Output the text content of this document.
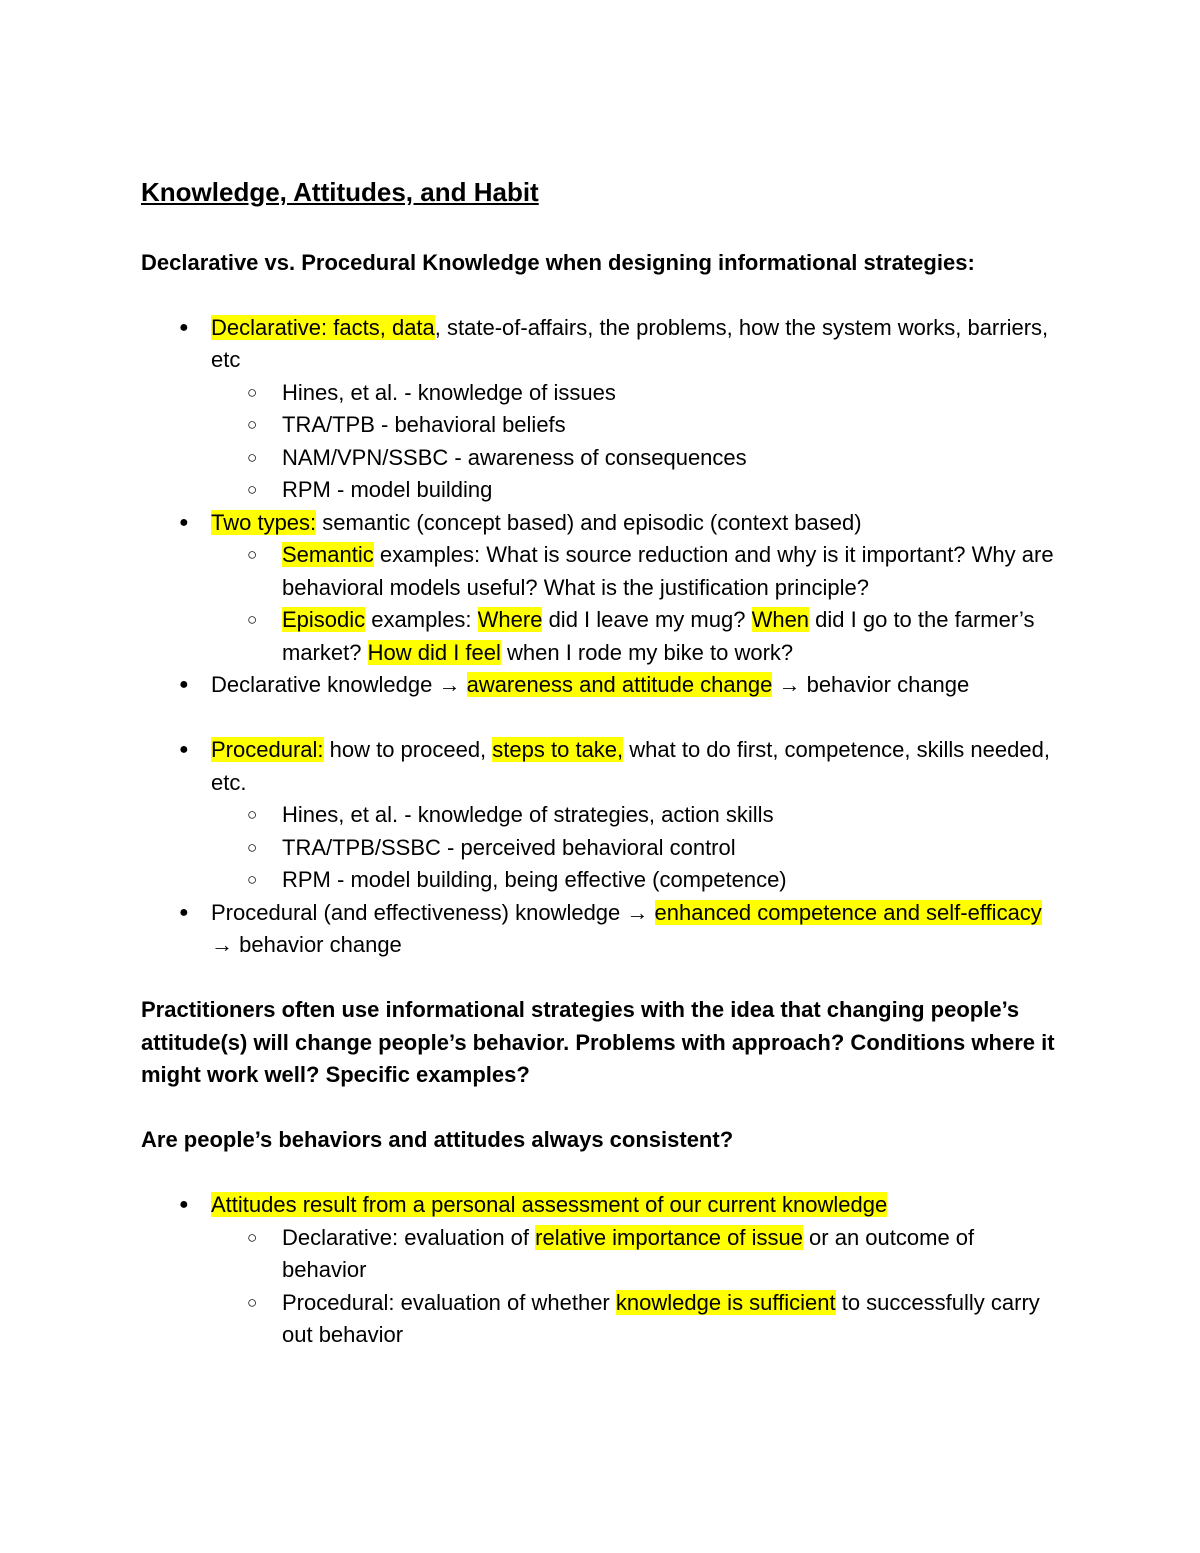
Knowledge, Attitudes, and Habit

Declarative vs. Procedural Knowledge when designing informational strategies:

● Declarative: facts, data, state-of-affairs, the problems, how the system works, barriers, etc
○ Hines, et al. - knowledge of issues
○ TRA/TPB - behavioral beliefs
○ NAM/VPN/SSBC - awareness of consequences
○ RPM - model building
● Two types: semantic (concept based) and episodic (context based)
○ Semantic examples: What is source reduction and why is it important? Why are behavioral models useful? What is the justification principle?
○ Episodic examples: Where did I leave my mug? When did I go to the farmer’s market? How did I feel when I rode my bike to work?
● Declarative knowledge → awareness and attitude change → behavior change
● Procedural: how to proceed, steps to take, what to do first, competence, skills needed, etc.
○ Hines, et al. - knowledge of strategies, action skills
○ TRA/TPB/SSBC - perceived behavioral control
○ RPM - model building, being effective (competence)
● Procedural (and effectiveness) knowledge → enhanced competence and self-efficacy → behavior change

Practitioners often use informational strategies with the idea that changing people’s attitude(s) will change people’s behavior. Problems with approach? Conditions where it might work well? Specific examples?

Are people’s behaviors and attitudes always consistent?

● Attitudes result from a personal assessment of our current knowledge
○ Declarative: evaluation of relative importance of issue or an outcome of behavior
○ Procedural: evaluation of whether knowledge is sufficient to successfully carry out behavior
